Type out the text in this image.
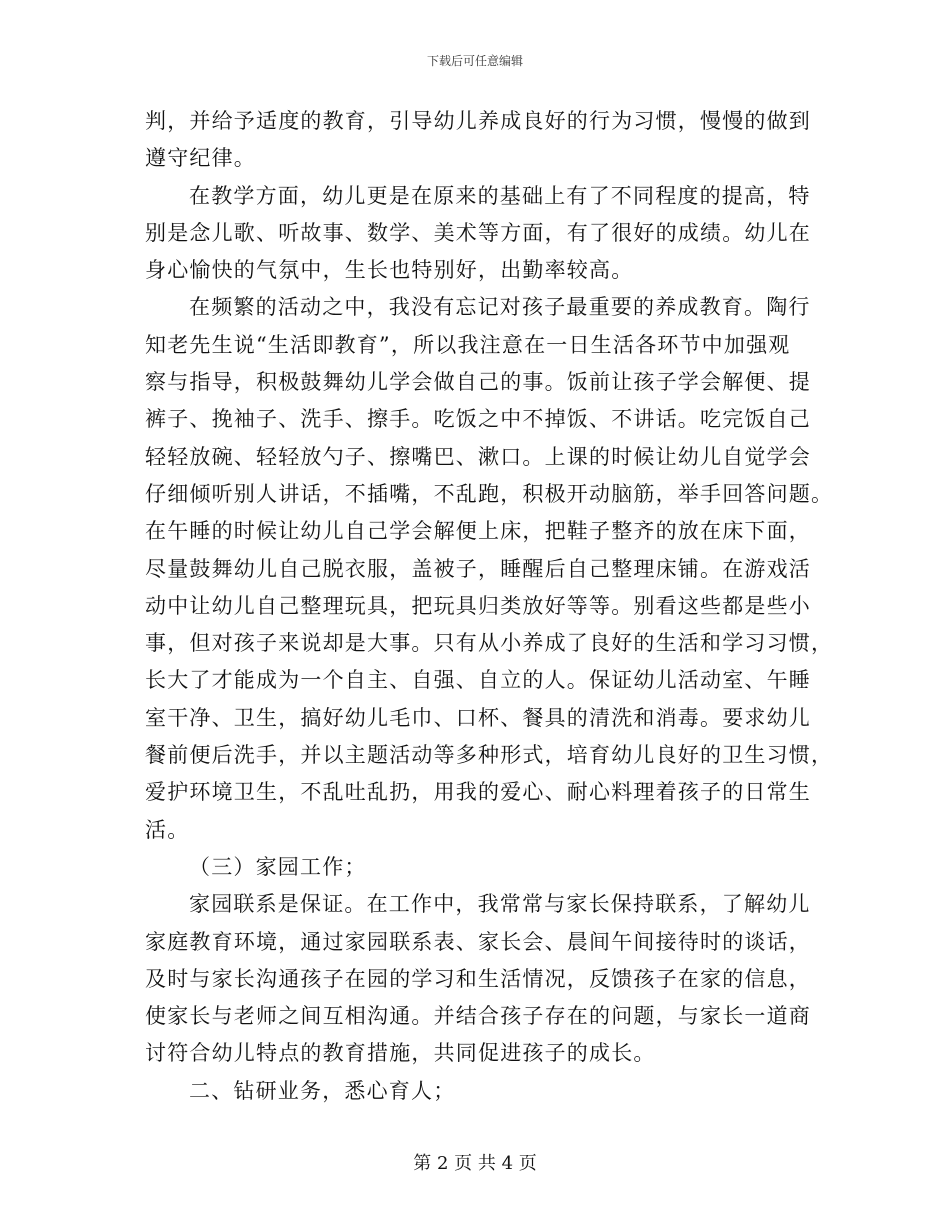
下载后可任意编辑
判，并给予适度的教育，引导幼儿养成良好的行为习惯，慢慢的做到
遵守纪律。
在教学方面，幼儿更是在原来的基础上有了不同程度的提高，特
别是念儿歌、听故事、数学、美术等方面，有了很好的成绩。幼儿在
身心愉快的气氛中，生长也特别好，出勤率较高。
在频繁的活动之中，我没有忘记对孩子最重要的养成教育。陶行
知老先生说“生活即教育”，所以我注意在一日生活各环节中加强观
察与指导，积极鼓舞幼儿学会做自己的事。饭前让孩子学会解便、提
裤子、挽袖子、洗手、擦手。吃饭之中不掉饭、不讲话。吃完饭自己
轻轻放碗、轻轻放勺子、擦嘴巴、漱口。上课的时候让幼儿自觉学会
仔细倾听别人讲话，不插嘴，不乱跑，积极开动脑筋，举手回答问题。
在午睡的时候让幼儿自己学会解便上床，把鞋子整齐的放在床下面，
尽量鼓舞幼儿自己脱衣服，盖被子，睡醒后自己整理床铺。在游戏活
动中让幼儿自己整理玩具，把玩具归类放好等等。别看这些都是些小
事，但对孩子来说却是大事。只有从小养成了良好的生活和学习习惯，
长大了才能成为一个自主、自强、自立的人。保证幼儿活动室、午睡
室干净、卫生，搞好幼儿毛巾、口杯、餐具的清洗和消毒。要求幼儿
餐前便后洗手，并以主题活动等多种形式，培育幼儿良好的卫生习惯，
爱护环境卫生，不乱吐乱扔，用我的爱心、耐心料理着孩子的日常生
活。
（三）家园工作；
家园联系是保证。在工作中，我常常与家长保持联系，了解幼儿
家庭教育环境，通过家园联系表、家长会、晨间午间接待时的谈话，
及时与家长沟通孩子在园的学习和生活情况，反馈孩子在家的信息，
使家长与老师之间互相沟通。并结合孩子存在的问题，与家长一道商
讨符合幼儿特点的教育措施，共同促进孩子的成长。
二、钻研业务，悉心育人；
第 2 页 共 4 页
